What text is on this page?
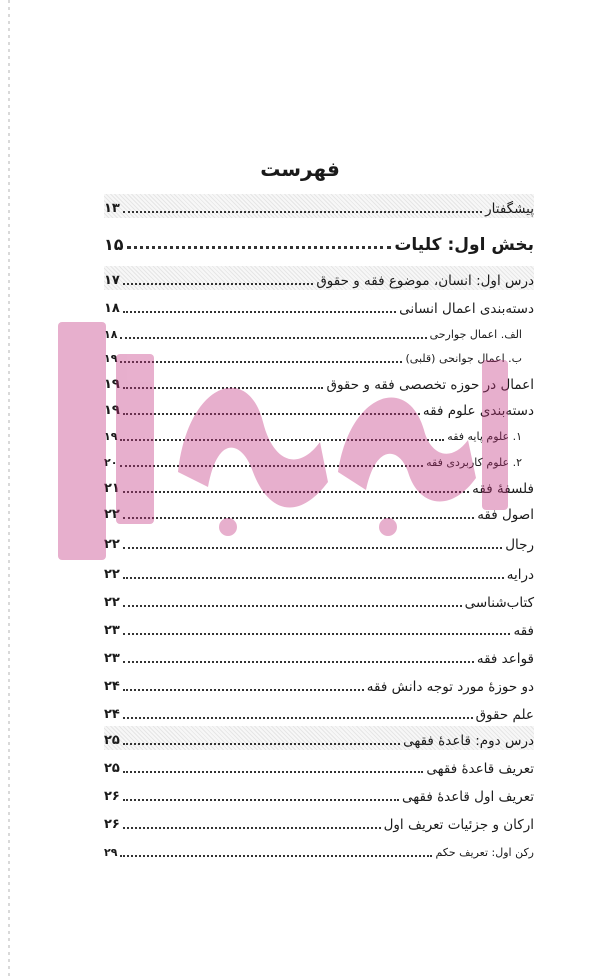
فهرست
پیشگفتار
۱۳
بخش اول: کلیات
۱۵
درس اول: انسان، موضوع فقه و حقوق
۱۷
دسته‌بندی اعمال انسانی
۱۸
الف. اعمال جوارحی
۱۸
ب. اعمال جوانحی (قلبی)
۱۹
اعمال در حوزه تخصصی فقه و حقوق
۱۹
دسته‌بندی علوم فقه
۱۹
۱. علوم پایه فقه
۱۹
۲. علوم کاربردی فقه
۲۰
فلسفهٔ فقه
۲۱
اصول فقه
۲۲
رجال
۲۲
درایه
۲۲
کتاب‌شناسی
۲۲
فقه
۲۳
قواعد فقه
۲۳
دو حوزهٔ مورد توجه دانش فقه
۲۴
علم حقوق
۲۴
درس دوم: قاعدهٔ فقهی
۲۵
تعریف قاعدهٔ فقهی
۲۵
تعریف اول قاعدهٔ فقهی
۲۶
ارکان و جزئیات تعریف اول
۲۶
رکن اول: تعریف حکم
۲۹
